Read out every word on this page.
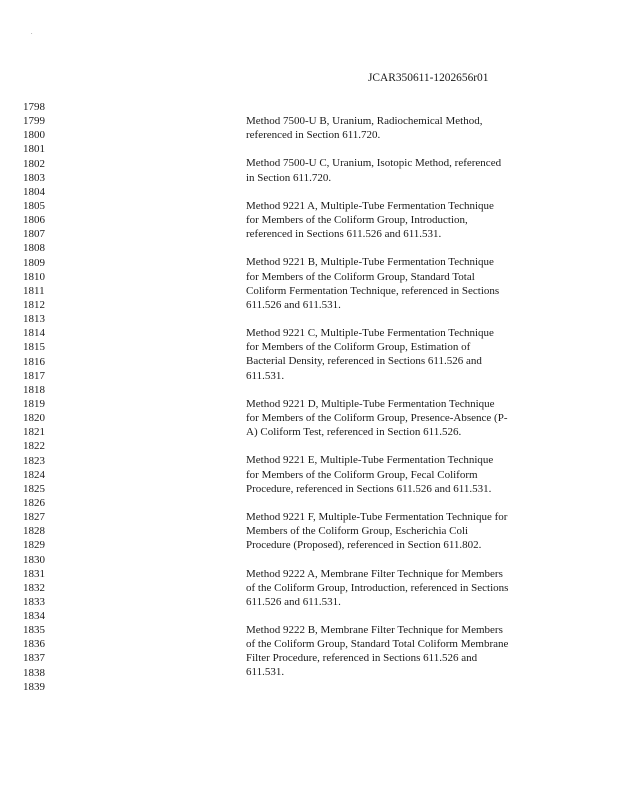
.
JCAR350611-1202656r01
1798
1799
1800
1801
1802
1803
1804
1805
1806
1807
1808
1809
1810
1811
1812
1813
1814
1815
1816
1817
1818
1819
1820
1821
1822
1823
1824
1825
1826
1827
1828
1829
1830
1831
1832
1833
1834
1835
1836
1837
1838
1839
Method 7500-U B, Uranium, Radiochemical Method,
referenced in Section 611.720.
Method 7500-U C, Uranium, Isotopic Method, referenced
in Section 611.720.
Method 9221 A, Multiple-Tube Fermentation Technique
for Members of the Coliform Group, Introduction,
referenced in Sections 611.526 and 611.531.
Method 9221 B, Multiple-Tube Fermentation Technique
for Members of the Coliform Group, Standard Total
Coliform Fermentation Technique, referenced in Sections
611.526 and 611.531.
Method 9221 C, Multiple-Tube Fermentation Technique
for Members of the Coliform Group, Estimation of
Bacterial Density, referenced in Sections 611.526 and
611.531.
Method 9221 D, Multiple-Tube Fermentation Technique
for Members of the Coliform Group, Presence-Absence (P-
A) Coliform Test, referenced in Section 611.526.
Method 9221 E, Multiple-Tube Fermentation Technique
for Members of the Coliform Group, Fecal Coliform
Procedure, referenced in Sections 611.526 and 611.531.
Method 9221 F, Multiple-Tube Fermentation Technique for
Members of the Coliform Group, Escherichia Coli
Procedure (Proposed), referenced in Section 611.802.
Method 9222 A, Membrane Filter Technique for Members
of the Coliform Group, Introduction, referenced in Sections
611.526 and 611.531.
Method 9222 B, Membrane Filter Technique for Members
of the Coliform Group, Standard Total Coliform Membrane
Filter Procedure, referenced in Sections 611.526 and
611.531.
